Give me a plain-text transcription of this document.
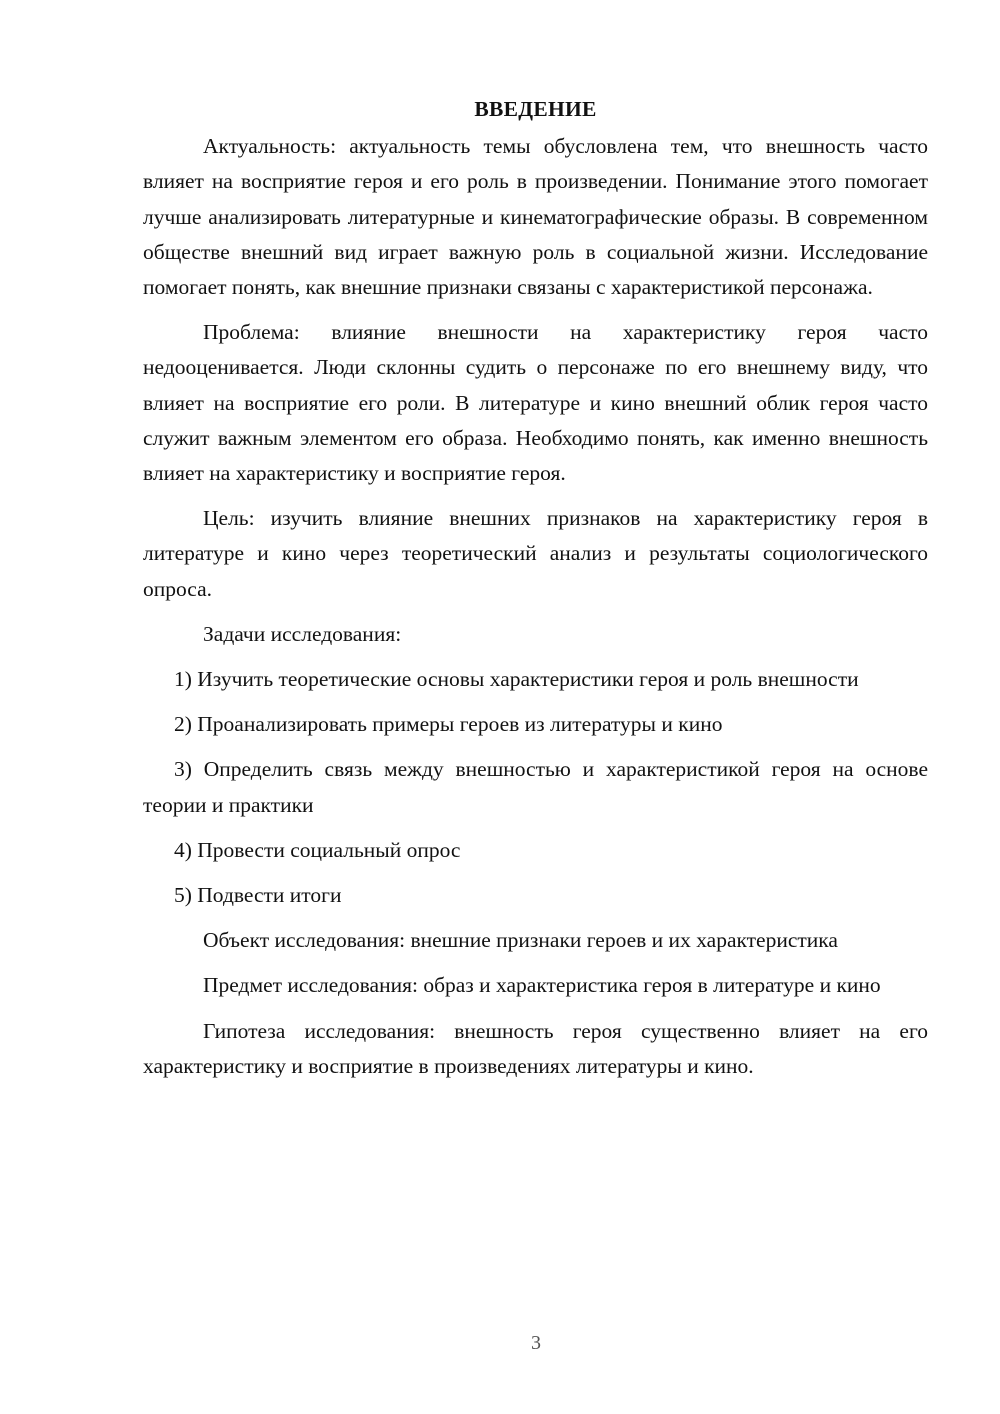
ВВЕДЕНИЕ

Актуальность: актуальность темы обусловлена тем, что внешность часто влияет на восприятие героя и его роль в произведении. Понимание этого помогает лучше анализировать литературные и кинематографические образы. В современном обществе внешний вид играет важную роль в социальной жизни. Исследование помогает понять, как внешние признаки связаны с характеристикой персонажа.

Проблема: влияние внешности на характеристику героя часто недооценивается. Люди склонны судить о персонаже по его внешнему виду, что влияет на восприятие его роли. В литературе и кино внешний облик героя часто служит важным элементом его образа. Необходимо понять, как именно внешность влияет на характеристику и восприятие героя.

Цель: изучить влияние внешних признаков на характеристику героя в литературе и кино через теоретический анализ и результаты социологического опроса.

Задачи исследования:

1) Изучить теоретические основы характеристики героя и роль внешности

2) Проанализировать примеры героев из литературы и кино

3) Определить связь между внешностью и характеристикой героя на основе теории и практики

4) Провести социальный опрос

5) Подвести итоги

Объект исследования: внешние признаки героев и их характеристика

Предмет исследования: образ и характеристика героя в литературе и кино

Гипотеза исследования: внешность героя существенно влияет на его характеристику и восприятие в произведениях литературы и кино.

3
